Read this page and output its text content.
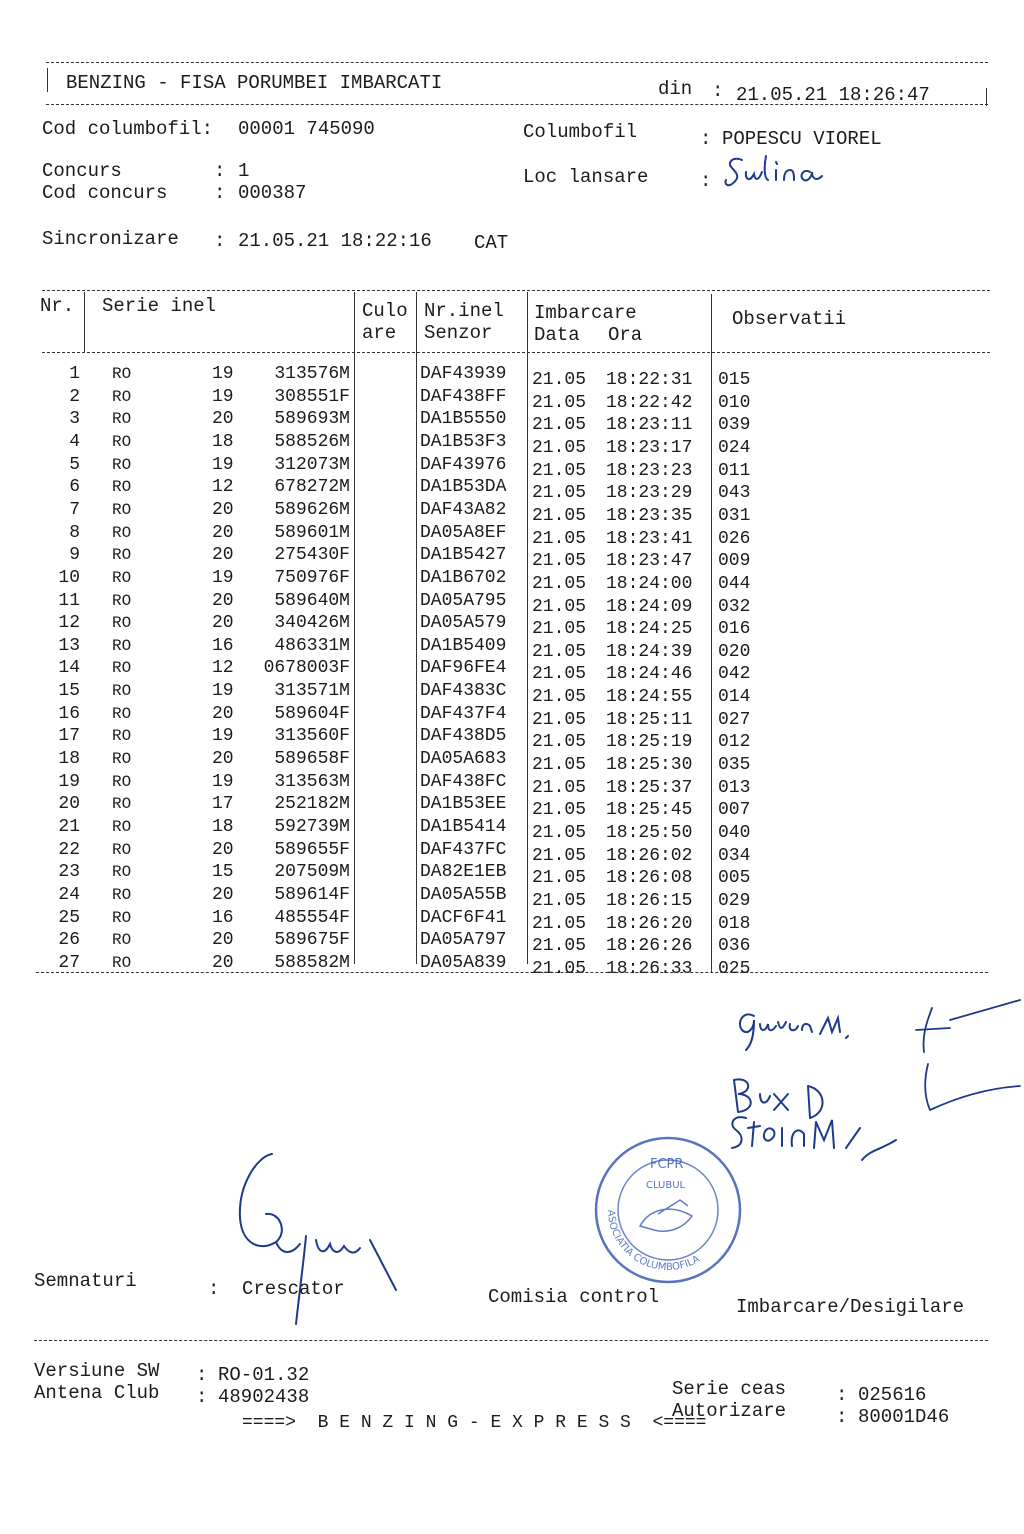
BENZING - FISA PORUMBEI IMBARCATI	din : 21.05.21 18:26:47
Cod columbofil: 00001 745090	Columbofil	: POPESCU VIOREL
Concurs	: 1
Cod concurs : 000387
Loc lansare	:
Sincronizare : 21.05.21 18:22:16 CAT
Nr. Serie inel	Culo
are
Nr.inel
Senzor
Imbarcare
Data Ora
Observatii
1 RO	19 313576M	DAF43939 21.05 18:22:31 015
2 RO	19 308551F	DAF438FF 21.05 18:22:42 010
3 RO	20 589693M	DA1B5550 21.05 18:23:11 039
4 RO	18 588526M	DA1B53F3 21.05 18:23:17 024
5 RO	19 312073M	DAF43976 21.05 18:23:23 011
6 RO	12 678272M	DA1B53DA 21.05 18:23:29 043
7 RO	20 589626M	DAF43A82 21.05 18:23:35 031
8 RO	20 589601M	DA05A8EF 21.05 18:23:41 026
9 RO	20 275430F	DA1B5427 21.05 18:23:47 009
10 RO	19 750976F	DA1B6702 21.05 18:24:00 044
11 RO	20 589640M	DA05A795 21.05 18:24:09 032
12 RO	20 340426M	DA05A579 21.05 18:24:25 016
13 RO	16 486331M	DA1B5409 21.05 18:24:39 020
14 RO	12 0678003F	DAF96FE4 21.05 18:24:46 042
15 RO	19 313571M	DAF4383C 21.05 18:24:55 014
16 RO	20 589604F	DAF437F4 21.05 18:25:11 027
17 RO	19 313560F	DAF438D5 21.05 18:25:19 012
18 RO	20 589658F	DA05A683 21.05 18:25:30 035
19 RO	19 313563M	DAF438FC 21.05 18:25:37 013
20 RO	17 252182M	DA1B53EE 21.05 18:25:45 007
21 RO	18 592739M	DA1B5414 21.05 18:25:50 040
22 RO	20 589655F	DAF437FC 21.05 18:26:02 034
23 RO	15 207509M	DA82E1EB 21.05 18:26:08 005
24 RO	20 589614F	DA05A55B 21.05 18:26:15 029
25 RO	16 485554F	DACF6F41 21.05 18:26:20 018
26 RO	20 589675F	DA05A797 21.05 18:26:26 036
27 RO	20 588582M	DA05A839 21.05 18:26:33 025
FCPR
CLUBUL
ASOCIATIA COLUMBOFILA
Semnaturi	: Crescator	Comisia control	Imbarcare/Desigilare
Versiune SW : RO-01.32
Antena Club : 48902438	Serie ceas	: 025616
Autorizare	: 80001D46
====>  B E N Z I N G - E X P R E S S  <====
